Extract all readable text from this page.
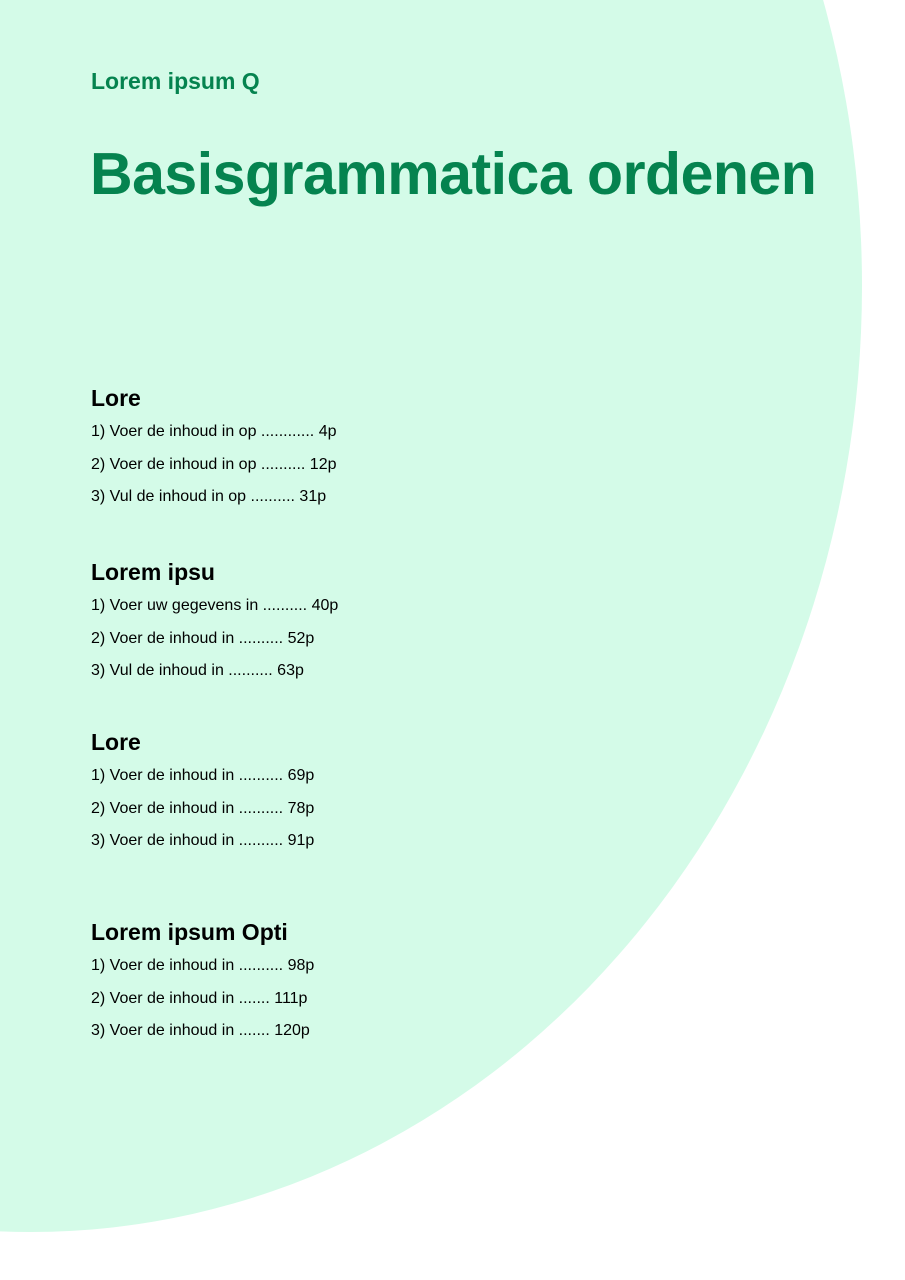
Lorem ipsum Q
Basisgrammatica ordenen
Lore
1) Voer de inhoud in op ............ 4p
2) Voer de inhoud in op .......... 12p
3) Vul de inhoud in op .......... 31p
Lorem ipsu
1) Voer uw gegevens in .......... 40p
2) Voer de inhoud in .......... 52p
3) Vul de inhoud in .......... 63p
Lore
1) Voer de inhoud in .......... 69p
2) Voer de inhoud in .......... 78p
3) Voer de inhoud in .......... 91p
Lorem ipsum Opti
1) Voer de inhoud in .......... 98p
2) Voer de inhoud in ....... 111p
3) Voer de inhoud in ....... 120p
